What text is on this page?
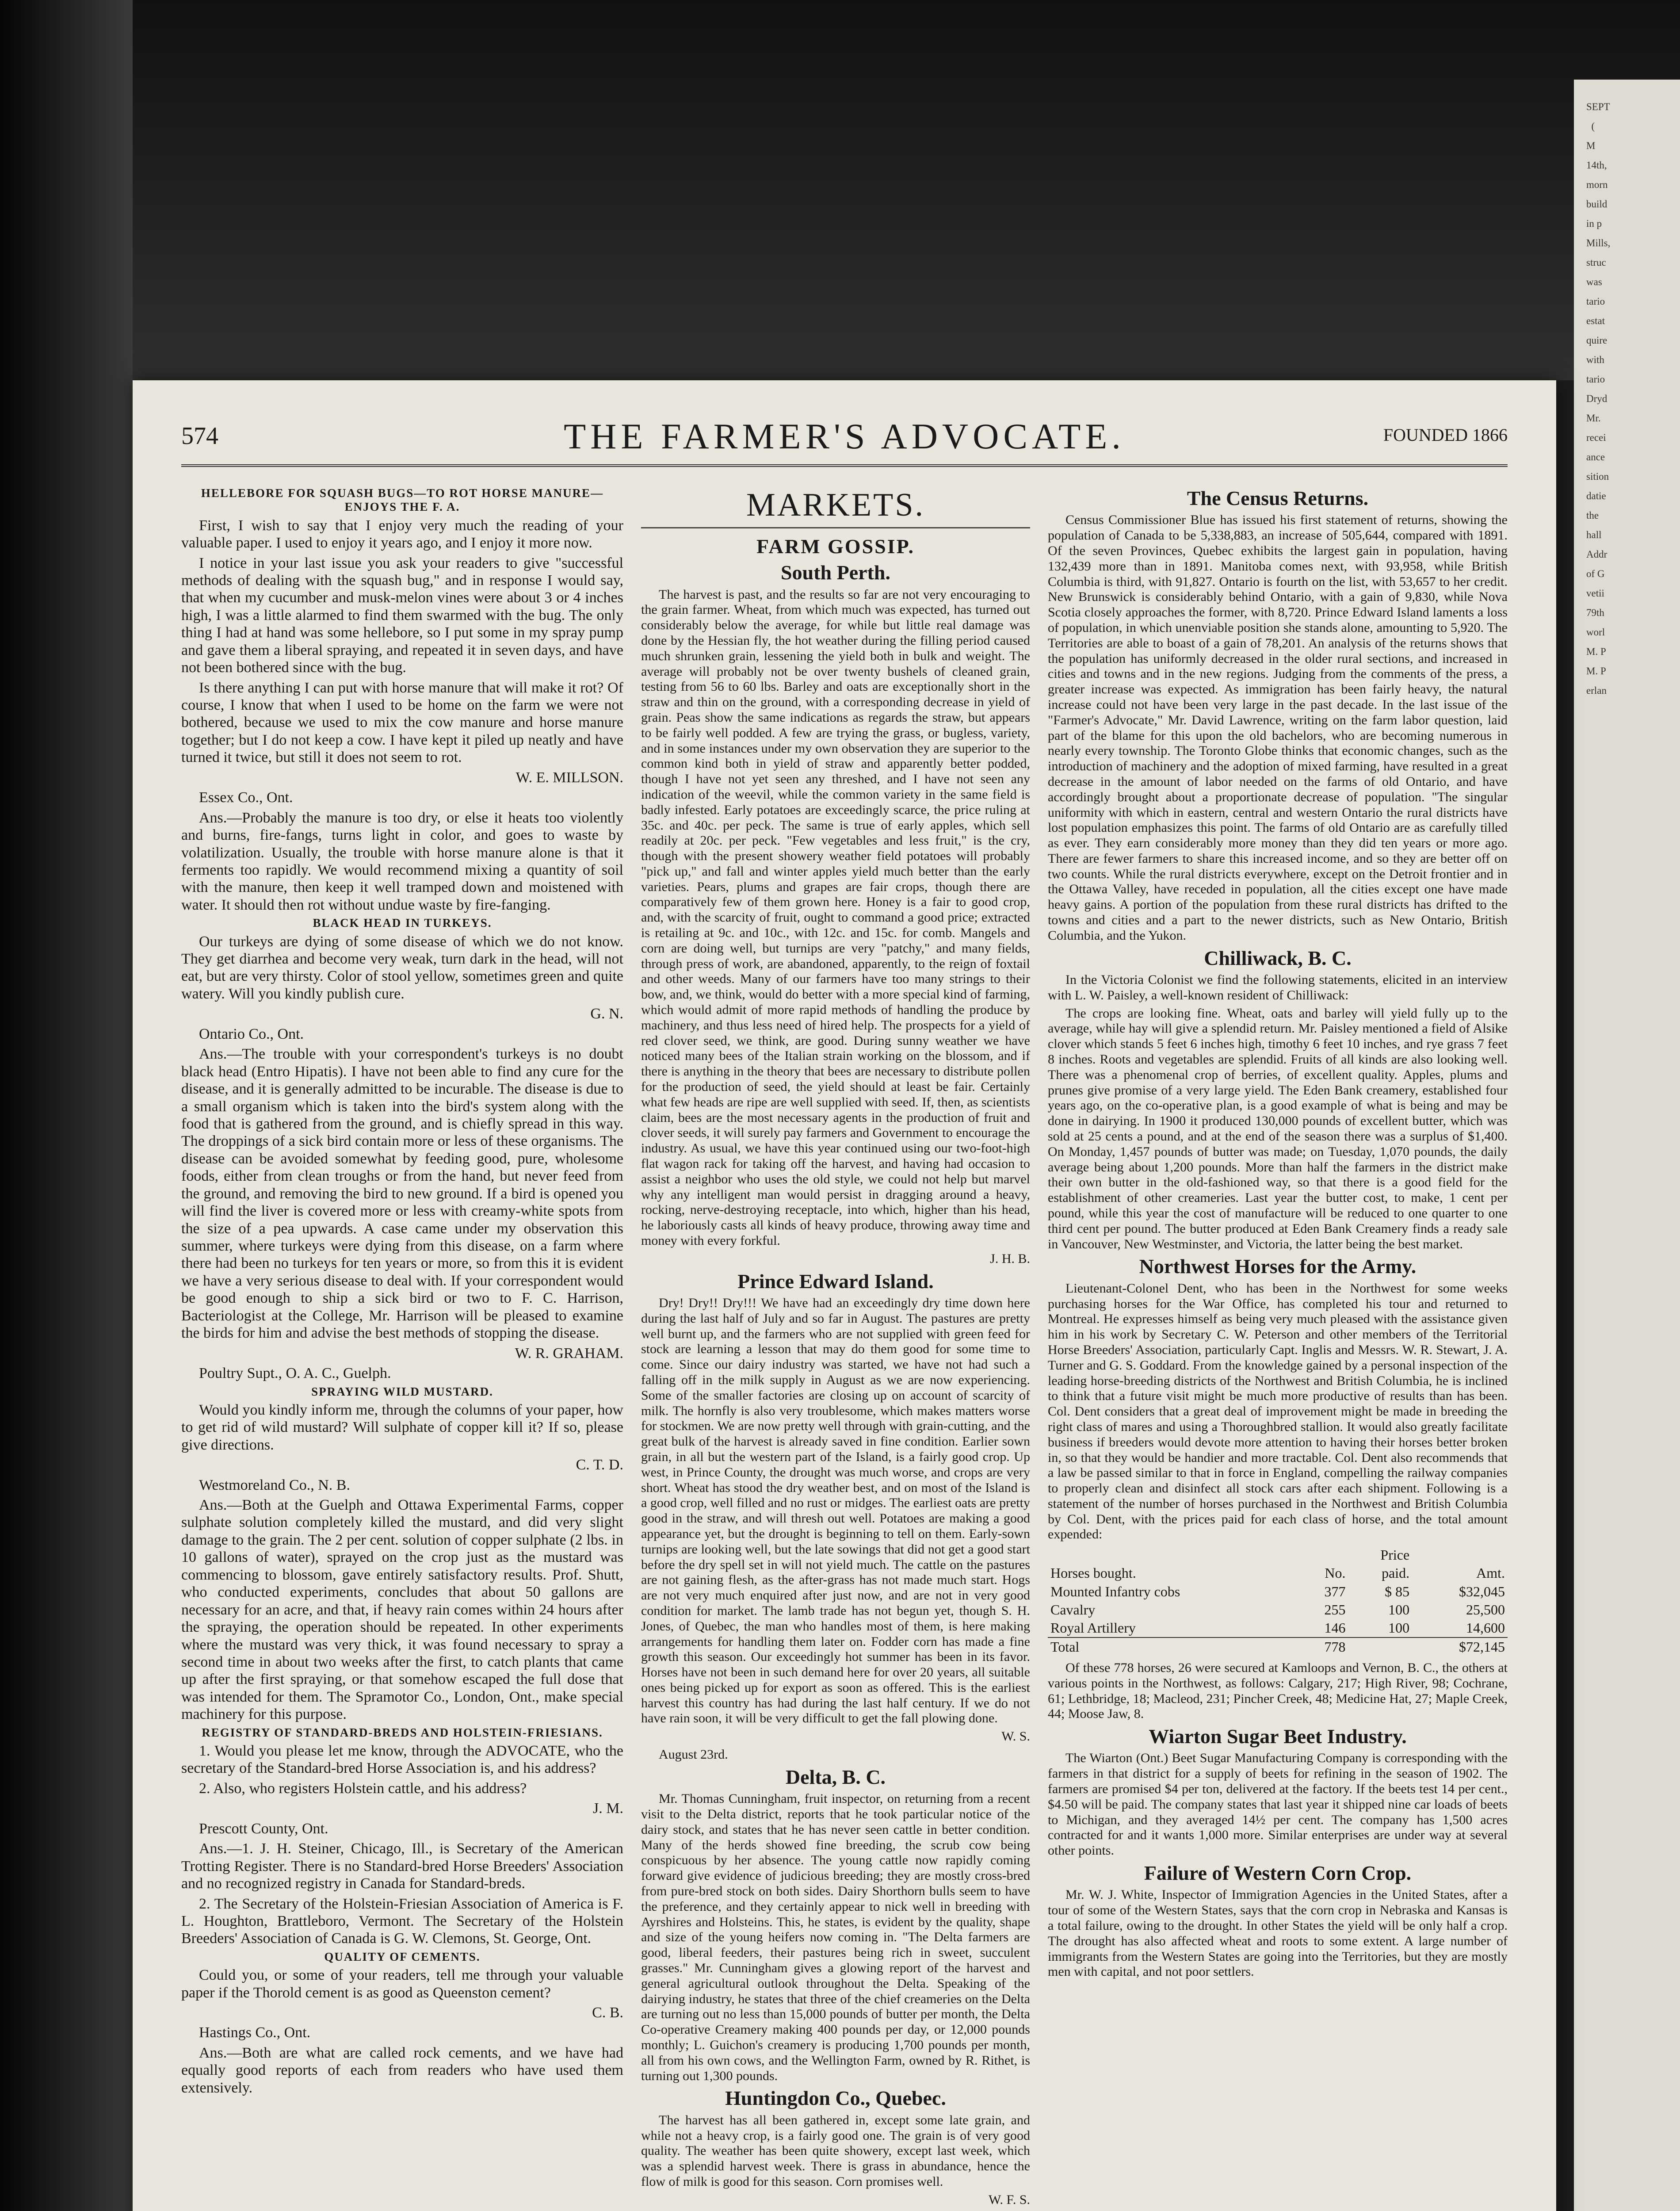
SEPT
(
M
14th,
morn
build
in p
Mills,
struc
was
tario
estat
quire
with
tario
Dryd
Mr.
recei
ance
sition
datie
the
hall
Addr
of G
vetii
79th
worl
M. P
M. P
erlan
574	THE FARMER'S ADVOCATE.	FOUNDED 1866

HELLEBORE FOR SQUASH BUGS—TO ROT HORSE MANURE—ENJOYS THE F. A.

First, I wish to say that I enjoy very much the reading of your valuable paper. I used to enjoy it years ago, and I enjoy it more now.

I notice in your last issue you ask your readers to give "successful methods of dealing with the squash bug," and in response I would say, that when my cucumber and musk-melon vines were about 3 or 4 inches high, I was a little alarmed to find them swarmed with the bug. The only thing I had at hand was some hellebore, so I put some in my spray pump and gave them a liberal spraying, and repeated it in seven days, and have not been bothered since with the bug.

Is there anything I can put with horse manure that will make it rot? Of course, I know that when I used to be home on the farm we were not bothered, because we used to mix the cow manure and horse manure together; but I do not keep a cow. I have kept it piled up neatly and have turned it twice, but still it does not seem to rot.

W. E. MILLSON.

Essex Co., Ont.

Ans.—Probably the manure is too dry, or else it heats too violently and burns, fire-fangs, turns light in color, and goes to waste by volatilization. Usually, the trouble with horse manure alone is that it ferments too rapidly. We would recommend mixing a quantity of soil with the manure, then keep it well tramped down and moistened with water. It should then rot without undue waste by fire-fanging.

BLACK HEAD IN TURKEYS.

Our turkeys are dying of some disease of which we do not know. They get diarrhea and become very weak, turn dark in the head, will not eat, but are very thirsty. Color of stool yellow, sometimes green and quite watery. Will you kindly publish cure.

G. N.

Ontario Co., Ont.

Ans.—The trouble with your correspondent's turkeys is no doubt black head (Entro Hipatis). I have not been able to find any cure for the disease, and it is generally admitted to be incurable. The disease is due to a small organism which is taken into the bird's system along with the food that is gathered from the ground, and is chiefly spread in this way. The droppings of a sick bird contain more or less of these organisms. The disease can be avoided somewhat by feeding good, pure, wholesome foods, either from clean troughs or from the hand, but never feed from the ground, and removing the bird to new ground. If a bird is opened you will find the liver is covered more or less with creamy-white spots from the size of a pea upwards. A case came under my observation this summer, where turkeys were dying from this disease, on a farm where there had been no turkeys for ten years or more, so from this it is evident we have a very serious disease to deal with. If your correspondent would be good enough to ship a sick bird or two to F. C. Harrison, Bacteriologist at the College, Mr. Harrison will be pleased to examine the birds for him and advise the best methods of stopping the disease.

W. R. GRAHAM.

Poultry Supt., O. A. C., Guelph.

SPRAYING WILD MUSTARD.

Would you kindly inform me, through the columns of your paper, how to get rid of wild mustard? Will sulphate of copper kill it? If so, please give directions.

C. T. D.

Westmoreland Co., N. B.

Ans.—Both at the Guelph and Ottawa Experimental Farms, copper sulphate solution completely killed the mustard, and did very slight damage to the grain. The 2 per cent. solution of copper sulphate (2 lbs. in 10 gallons of water), sprayed on the crop just as the mustard was commencing to blossom, gave entirely satisfactory results. Prof. Shutt, who conducted experiments, concludes that about 50 gallons are necessary for an acre, and that, if heavy rain comes within 24 hours after the spraying, the operation should be repeated. In other experiments where the mustard was very thick, it was found necessary to spray a second time in about two weeks after the first, to catch plants that came up after the first spraying, or that somehow escaped the full dose that was intended for them. The Spramotor Co., London, Ont., make special machinery for this purpose.

REGISTRY OF STANDARD-BREDS AND HOLSTEIN-FRIESIANS.

1. Would you please let me know, through the ADVOCATE, who the secretary of the Standard-bred Horse Association is, and his address?

2. Also, who registers Holstein cattle, and his address?

J. M.

Prescott County, Ont.

Ans.—1. J. H. Steiner, Chicago, Ill., is Secretary of the American Trotting Register. There is no Standard-bred Horse Breeders' Association and no recognized registry in Canada for Standard-breds.

2. The Secretary of the Holstein-Friesian Association of America is F. L. Houghton, Brattleboro, Vermont. The Secretary of the Holstein Breeders' Association of Canada is G. W. Clemons, St. George, Ont.

QUALITY OF CEMENTS.

Could you, or some of your readers, tell me through your valuable paper if the Thorold cement is as good as Queenston cement?

C. B.

Hastings Co., Ont.

Ans.—Both are what are called rock cements, and we have had equally good reports of each from readers who have used them extensively.

MARKETS.

FARM GOSSIP.

South Perth.

The harvest is past, and the results so far are not very encouraging to the grain farmer. Wheat, from which much was expected, has turned out considerably below the average, for while but little real damage was done by the Hessian fly, the hot weather during the filling period caused much shrunken grain, lessening the yield both in bulk and weight. The average will probably not be over twenty bushels of cleaned grain, testing from 56 to 60 lbs. Barley and oats are exceptionally short in the straw and thin on the ground, with a corresponding decrease in yield of grain. Peas show the same indications as regards the straw, but appears to be fairly well podded. A few are trying the grass, or bugless, variety, and in some instances under my own observation they are superior to the common kind both in yield of straw and apparently better podded, though I have not yet seen any threshed, and I have not seen any indication of the weevil, while the common variety in the same field is badly infested. Early potatoes are exceedingly scarce, the price ruling at 35c. and 40c. per peck. The same is true of early apples, which sell readily at 20c. per peck. "Few vegetables and less fruit," is the cry, though with the present showery weather field potatoes will probably "pick up," and fall and winter apples yield much better than the early varieties. Pears, plums and grapes are fair crops, though there are comparatively few of them grown here. Honey is a fair to good crop, and, with the scarcity of fruit, ought to command a good price; extracted is retailing at 9c. and 10c., with 12c. and 15c. for comb. Mangels and corn are doing well, but turnips are very "patchy," and many fields, through press of work, are abandoned, apparently, to the reign of foxtail and other weeds. Many of our farmers have too many strings to their bow, and, we think, would do better with a more special kind of farming, which would admit of more rapid methods of handling the produce by machinery, and thus less need of hired help. The prospects for a yield of red clover seed, we think, are good. During sunny weather we have noticed many bees of the Italian strain working on the blossom, and if there is anything in the theory that bees are necessary to distribute pollen for the production of seed, the yield should at least be fair. Certainly what few heads are ripe are well supplied with seed. If, then, as scientists claim, bees are the most necessary agents in the production of fruit and clover seeds, it will surely pay farmers and Government to encourage the industry. As usual, we have this year continued using our two-foot-high flat wagon rack for taking off the harvest, and having had occasion to assist a neighbor who uses the old style, we could not help but marvel why any intelligent man would persist in dragging around a heavy, rocking, nerve-destroying receptacle, into which, higher than his head, he laboriously casts all kinds of heavy produce, throwing away time and money with every forkful.

J. H. B.

Prince Edward Island.

Dry! Dry!! Dry!!! We have had an exceedingly dry time down here during the last half of July and so far in August. The pastures are pretty well burnt up, and the farmers who are not supplied with green feed for stock are learning a lesson that may do them good for some time to come. Since our dairy industry was started, we have not had such a falling off in the milk supply in August as we are now experiencing. Some of the smaller factories are closing up on account of scarcity of milk. The hornfly is also very troublesome, which makes matters worse for stockmen. We are now pretty well through with grain-cutting, and the great bulk of the harvest is already saved in fine condition. Earlier sown grain, in all but the western part of the Island, is a fairly good crop. Up west, in Prince County, the drought was much worse, and crops are very short. Wheat has stood the dry weather best, and on most of the Island is a good crop, well filled and no rust or midges. The earliest oats are pretty good in the straw, and will thresh out well. Potatoes are making a good appearance yet, but the drought is beginning to tell on them. Early-sown turnips are looking well, but the late sowings that did not get a good start before the dry spell set in will not yield much. The cattle on the pastures are not gaining flesh, as the after-grass has not made much start. Hogs are not very much enquired after just now, and are not in very good condition for market. The lamb trade has not begun yet, though S. H. Jones, of Quebec, the man who handles most of them, is here making arrangements for handling them later on. Fodder corn has made a fine growth this season. Our exceedingly hot summer has been in its favor. Horses have not been in such demand here for over 20 years, all suitable ones being picked up for export as soon as offered. This is the earliest harvest this country has had during the last half century. If we do not have rain soon, it will be very difficult to get the fall plowing done.

W. S.

August 23rd.

Delta, B. C.

Mr. Thomas Cunningham, fruit inspector, on returning from a recent visit to the Delta district, reports that he took particular notice of the dairy stock, and states that he has never seen cattle in better condition. Many of the herds showed fine breeding, the scrub cow being conspicuous by her absence. The young cattle now rapidly coming forward give evidence of judicious breeding; they are mostly cross-bred from pure-bred stock on both sides. Dairy Shorthorn bulls seem to have the preference, and they certainly appear to nick well in breeding with Ayrshires and Holsteins. This, he states, is evident by the quality, shape and size of the young heifers now coming in. "The Delta farmers are good, liberal feeders, their pastures being rich in sweet, succulent grasses." Mr. Cunningham gives a glowing report of the harvest and general agricultural outlook throughout the Delta. Speaking of the dairying industry, he states that three of the chief creameries on the Delta are turning out no less than 15,000 pounds of butter per month, the Delta Co-operative Creamery making 400 pounds per day, or 12,000 pounds monthly; L. Guichon's creamery is producing 1,700 pounds per month, all from his own cows, and the Wellington Farm, owned by R. Rithet, is turning out 1,300 pounds.

Huntingdon Co., Quebec.

The harvest has all been gathered in, except some late grain, and while not a heavy crop, is a fairly good one. The grain is of very good quality. The weather has been quite showery, except last week, which was a splendid harvest week. There is grass in abundance, hence the flow of milk is good for this season. Corn promises well.

W. F. S.

The Census Returns.

Census Commissioner Blue has issued his first statement of returns, showing the population of Canada to be 5,338,883, an increase of 505,644, compared with 1891. Of the seven Provinces, Quebec exhibits the largest gain in population, having 132,439 more than in 1891. Manitoba comes next, with 93,958, while British Columbia is third, with 91,827. Ontario is fourth on the list, with 53,657 to her credit. New Brunswick is considerably behind Ontario, with a gain of 9,830, while Nova Scotia closely approaches the former, with 8,720. Prince Edward Island laments a loss of population, in which unenviable position she stands alone, amounting to 5,920. The Territories are able to boast of a gain of 78,201. An analysis of the returns shows that the population has uniformly decreased in the older rural sections, and increased in cities and towns and in the new regions. Judging from the comments of the press, a greater increase was expected. As immigration has been fairly heavy, the natural increase could not have been very large in the past decade. In the last issue of the "Farmer's Advocate," Mr. David Lawrence, writing on the farm labor question, laid part of the blame for this upon the old bachelors, who are becoming numerous in nearly every township. The Toronto Globe thinks that economic changes, such as the introduction of machinery and the adoption of mixed farming, have resulted in a great decrease in the amount of labor needed on the farms of old Ontario, and have accordingly brought about a proportionate decrease of population. "The singular uniformity with which in eastern, central and western Ontario the rural districts have lost population emphasizes this point. The farms of old Ontario are as carefully tilled as ever. They earn considerably more money than they did ten years or more ago. There are fewer farmers to share this increased income, and so they are better off on two counts. While the rural districts everywhere, except on the Detroit frontier and in the Ottawa Valley, have receded in population, all the cities except one have made heavy gains. A portion of the population from these rural districts has drifted to the towns and cities and a part to the newer districts, such as New Ontario, British Columbia, and the Yukon.

Chilliwack, B. C.

In the Victoria Colonist we find the following statements, elicited in an interview with L. W. Paisley, a well-known resident of Chilliwack:

The crops are looking fine. Wheat, oats and barley will yield fully up to the average, while hay will give a splendid return. Mr. Paisley mentioned a field of Alsike clover which stands 5 feet 6 inches high, timothy 6 feet 10 inches, and rye grass 7 feet 8 inches. Roots and vegetables are splendid. Fruits of all kinds are also looking well. There was a phenomenal crop of berries, of excellent quality. Apples, plums and prunes give promise of a very large yield. The Eden Bank creamery, established four years ago, on the co-operative plan, is a good example of what is being and may be done in dairying. In 1900 it produced 130,000 pounds of excellent butter, which was sold at 25 cents a pound, and at the end of the season there was a surplus of $1,400. On Monday, 1,457 pounds of butter was made; on Tuesday, 1,070 pounds, the daily average being about 1,200 pounds. More than half the farmers in the district make their own butter in the old-fashioned way, so that there is a good field for the establishment of other creameries. Last year the butter cost, to make, 1 cent per pound, while this year the cost of manufacture will be reduced to one quarter to one third cent per pound. The butter produced at Eden Bank Creamery finds a ready sale in Vancouver, New Westminster, and Victoria, the latter being the best market.

Northwest Horses for the Army.

Lieutenant-Colonel Dent, who has been in the Northwest for some weeks purchasing horses for the War Office, has completed his tour and returned to Montreal. He expresses himself as being very much pleased with the assistance given him in his work by Secretary C. W. Peterson and other members of the Territorial Horse Breeders' Association, particularly Capt. Inglis and Messrs. W. R. Stewart, J. A. Turner and G. S. Goddard. From the knowledge gained by a personal inspection of the leading horse-breeding districts of the Northwest and British Columbia, he is inclined to think that a future visit might be much more productive of results than has been. Col. Dent considers that a great deal of improvement might be made in breeding the right class of mares and using a Thoroughbred stallion. It would also greatly facilitate business if breeders would devote more attention to having their horses better broken in, so that they would be handier and more tractable. Col. Dent also recommends that a law be passed similar to that in force in England, compelling the railway companies to properly clean and disinfect all stock cars after each shipment. Following is a statement of the number of horses purchased in the Northwest and British Columbia by Col. Dent, with the prices paid for each class of horse, and the total amount expended:

		Price	
Horses bought.	No.	paid.	Amt.
Mounted Infantry cobs	377	$ 85	$32,045
Cavalry	255	100	25,500
Royal Artillery	146	100	14,600
Total	778		$72,145

Of these 778 horses, 26 were secured at Kamloops and Vernon, B. C., the others at various points in the Northwest, as follows: Calgary, 217; High River, 98; Cochrane, 61; Lethbridge, 18; Macleod, 231; Pincher Creek, 48; Medicine Hat, 27; Maple Creek, 44; Moose Jaw, 8.

Wiarton Sugar Beet Industry.

The Wiarton (Ont.) Beet Sugar Manufacturing Company is corresponding with the farmers in that district for a supply of beets for refining in the season of 1902. The farmers are promised $4 per ton, delivered at the factory. If the beets test 14 per cent., $4.50 will be paid. The company states that last year it shipped nine car loads of beets to Michigan, and they averaged 14½ per cent. The company has 1,500 acres contracted for and it wants 1,000 more. Similar enterprises are under way at several other points.

Failure of Western Corn Crop.

Mr. W. J. White, Inspector of Immigration Agencies in the United States, after a tour of some of the Western States, says that the corn crop in Nebraska and Kansas is a total failure, owing to the drought. In other States the yield will be only half a crop. The drought has also affected wheat and roots to some extent. A large number of immigrants from the Western States are going into the Territories, but they are mostly men with capital, and not poor settlers.
